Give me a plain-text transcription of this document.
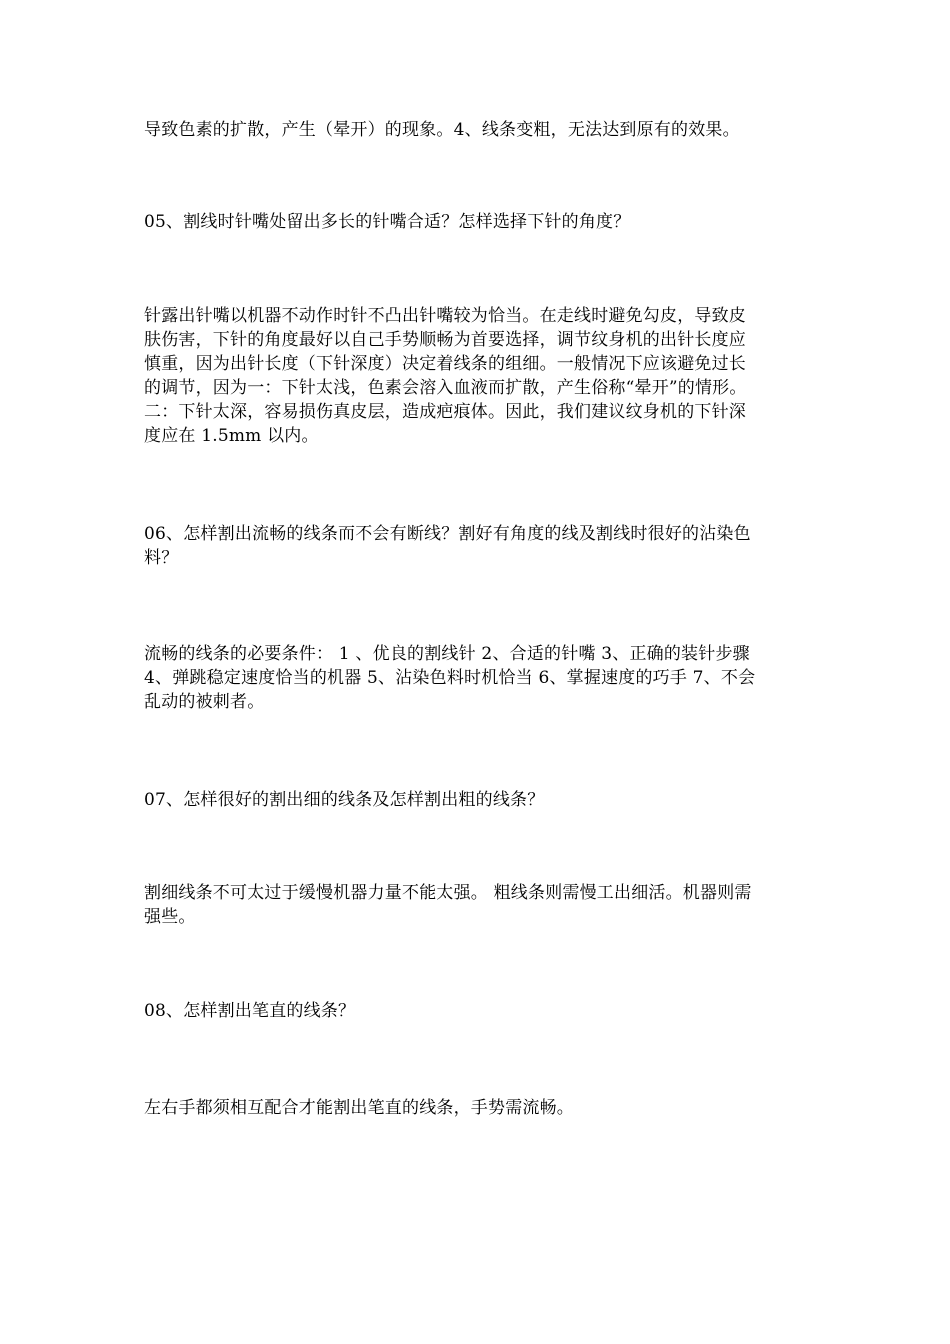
导致色素的扩散，产生（晕开）的现象。4、线条变粗，无法达到原有的效果。

05、割线时针嘴处留出多长的针嘴合适？怎样选择下针的角度？

针露出针嘴以机器不动作时针不凸出针嘴较为恰当。在走线时避免勾皮，导致皮
肤伤害，下针的角度最好以自己手势顺畅为首要选择，调节纹身机的出针长度应
慎重，因为出针长度（下针深度）决定着线条的组细。一般情况下应该避免过长
的调节，因为一：下针太浅，色素会溶入血液而扩散，产生俗称“晕开”的情形。
二：下针太深，容易损伤真皮层，造成疤痕体。因此，我们建议纹身机的下针深
度应在 1.5mm 以内。

06、怎样割出流畅的线条而不会有断线？割好有角度的线及割线时很好的沾染色
料？

流畅的线条的必要条件： 1 、优良的割线针 2、合适的针嘴 3、正确的装针步骤
4、弹跳稳定速度恰当的机器 5、沾染色料时机恰当 6、掌握速度的巧手 7、不会
乱动的被刺者。

07、怎样很好的割出细的线条及怎样割出粗的线条？

割细线条不可太过于缓慢机器力量不能太强。 粗线条则需慢工出细活。机器则需
强些。

08、怎样割出笔直的线条？

左右手都须相互配合才能割出笔直的线条，手势需流畅。
